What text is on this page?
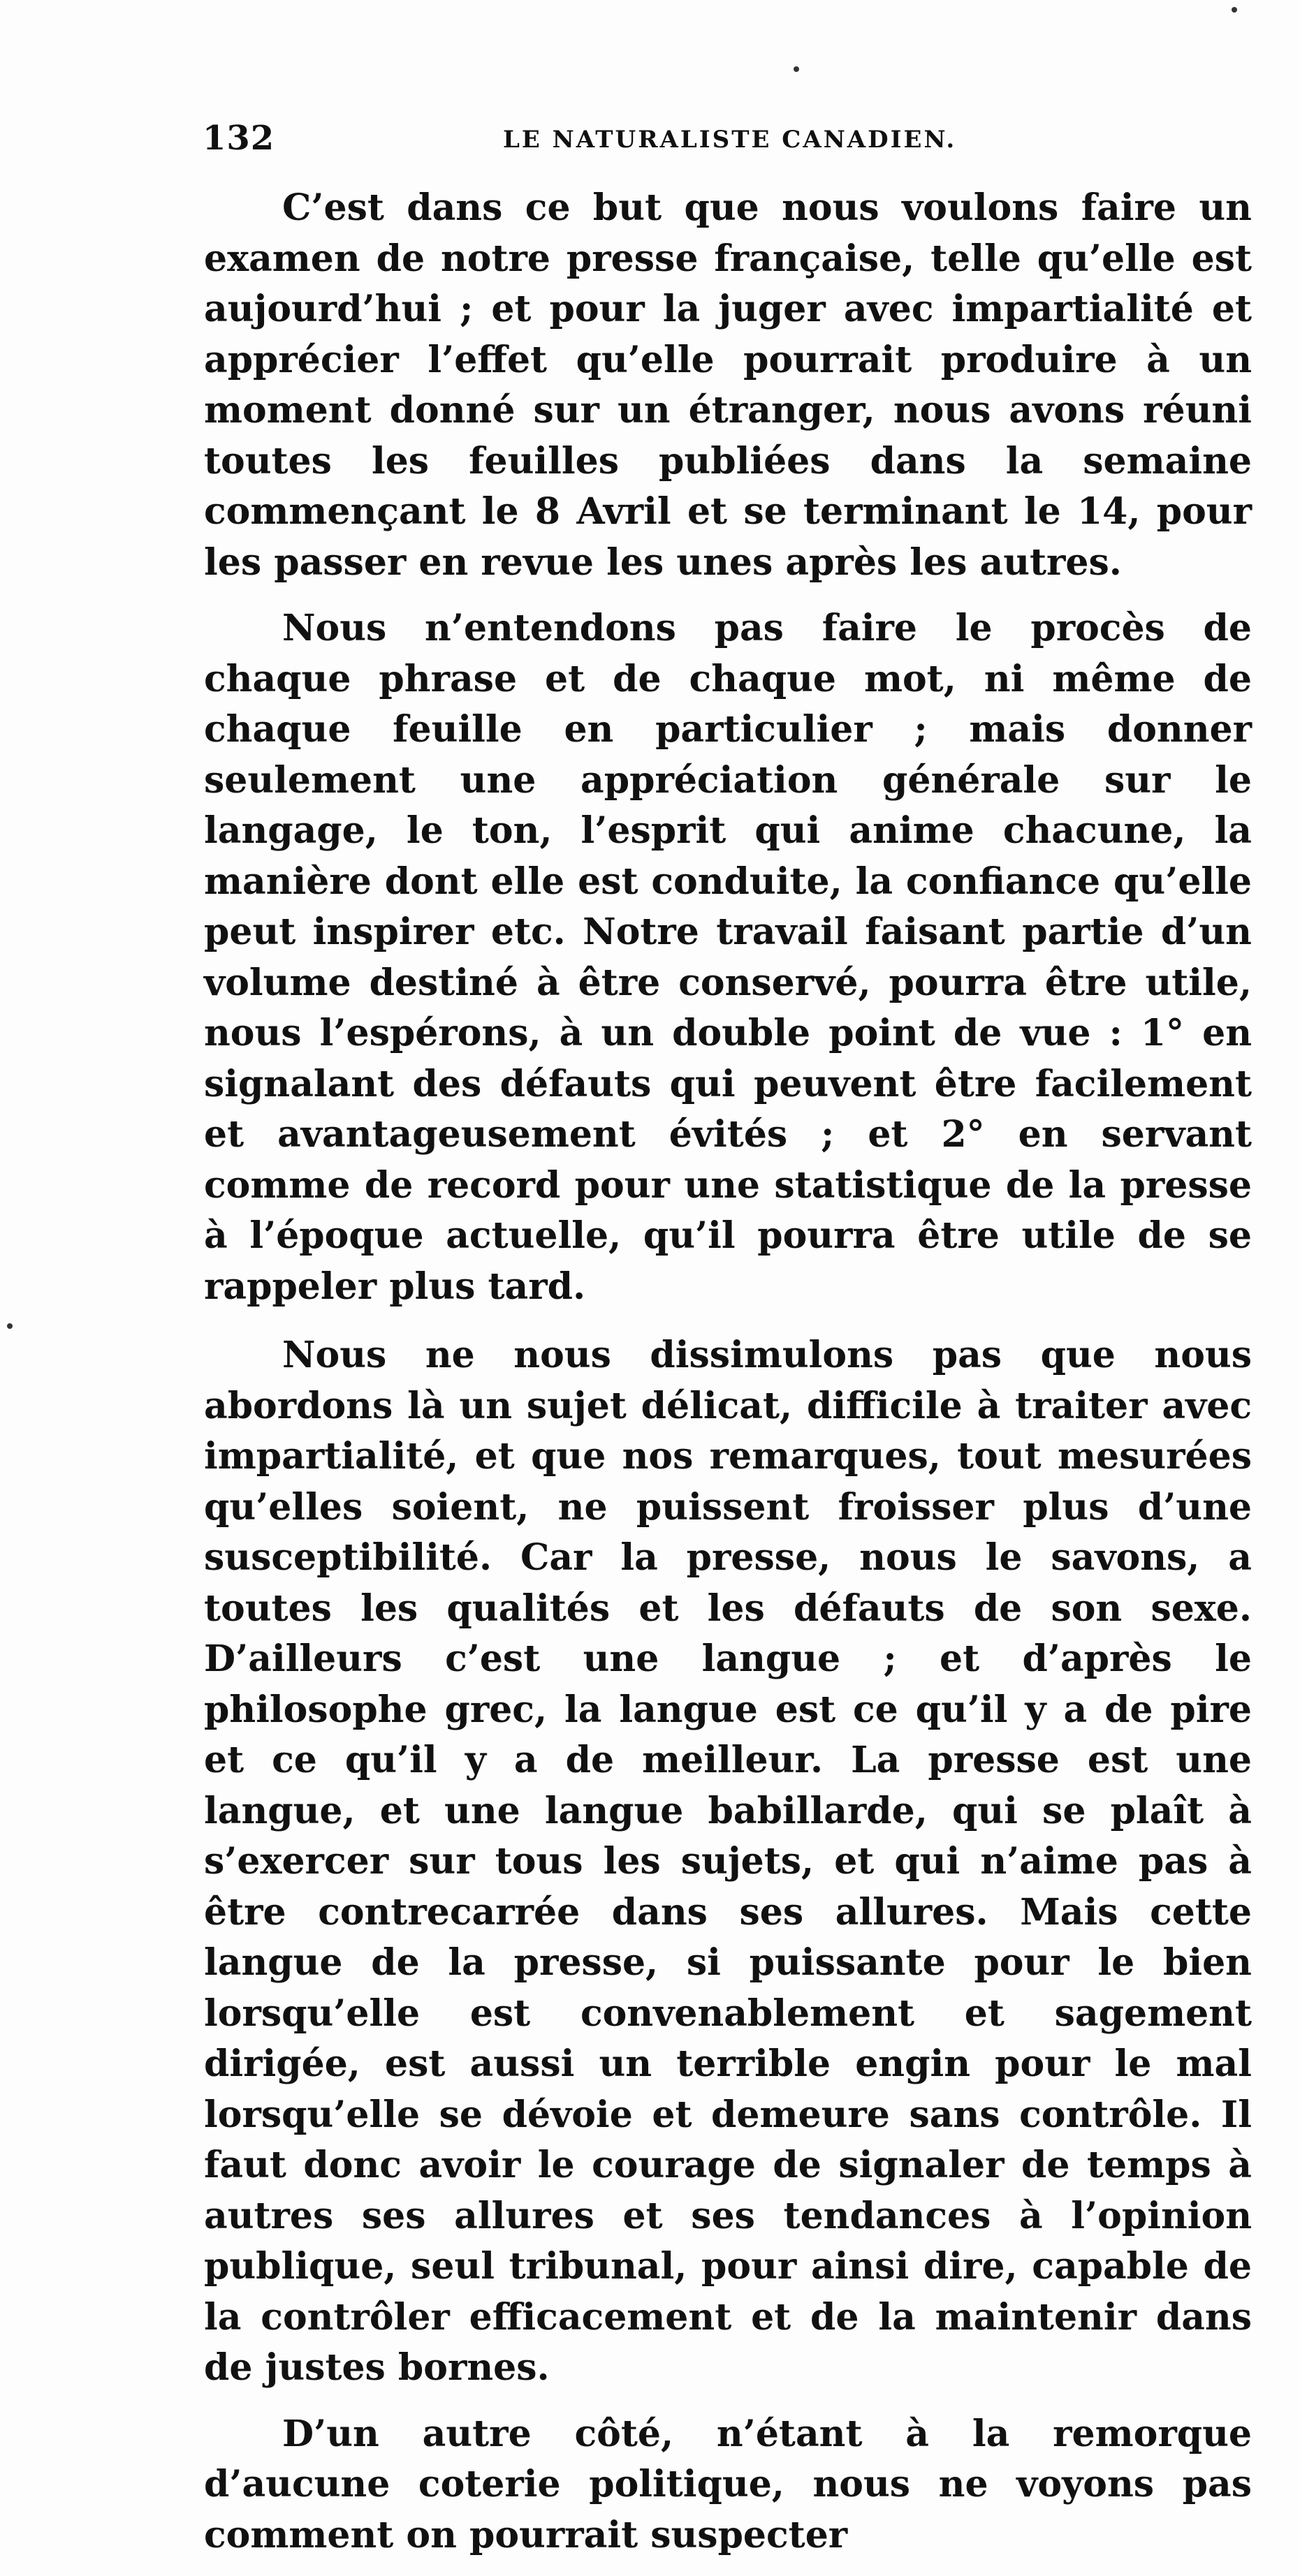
132	LE NATURALISTE CANADIEN.

C’est dans ce but que nous voulons faire un examen de notre presse française, telle qu’elle est aujourd’hui ; et pour la juger avec impartialité et apprécier l’effet qu’elle pourrait produire à un moment donné sur un étranger, nous avons réuni toutes les feuilles publiées dans la semaine commençant le 8 Avril et se terminant le 14, pour les passer en revue les unes après les autres.

Nous n’entendons pas faire le procès de chaque phrase et de chaque mot, ni même de chaque feuille en particulier ; mais donner seulement une appréciation générale sur le langage, le ton, l’esprit qui anime chacune, la manière dont elle est conduite, la confiance qu’elle peut inspirer etc. Notre travail faisant partie d’un volume destiné à être conservé, pourra être utile, nous l’espérons, à un double point de vue : 1° en signalant des défauts qui peuvent être facilement et avantageusement évités ; et 2° en servant comme de record pour une statistique de la presse à l’époque actuelle, qu’il pourra être utile de se rappeler plus tard.

Nous ne nous dissimulons pas que nous abordons là un sujet délicat, difficile à traiter avec impartialité, et que nos remarques, tout mesurées qu’elles soient, ne puissent froisser plus d’une susceptibilité. Car la presse, nous le savons, a toutes les qualités et les défauts de son sexe. D’ailleurs c’est une langue ; et d’après le philosophe grec, la langue est ce qu’il y a de pire et ce qu’il y a de meilleur. La presse est une langue, et une langue babillarde, qui se plaît à s’exercer sur tous les sujets, et qui n’aime pas à être contrecarrée dans ses allures. Mais cette langue de la presse, si puissante pour le bien lorsqu’elle est convenablement et sagement dirigée, est aussi un terrible engin pour le mal lorsqu’elle se dévoie et demeure sans contrôle. Il faut donc avoir le courage de signaler de temps à autres ses allures et ses tendances à l’opinion publique, seul tribunal, pour ainsi dire, capable de la contrôler efficacement et de la maintenir dans de justes bornes.

D’un autre côté, n’étant à la remorque d’aucune coterie politique, nous ne voyons pas comment on pourrait suspecter
